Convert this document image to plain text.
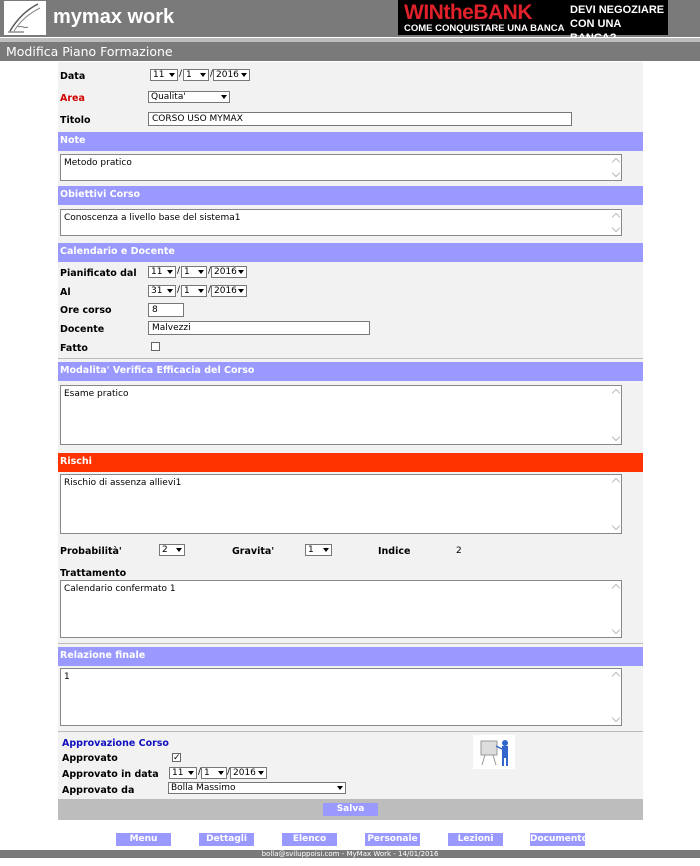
mymax work	WINtheBANK
COME CONQUISTARE UNA BANCA
DEVI NEGOZIARE
CON UNA
Modifica Piano Formazione
Data	11	/ 1	/ 2016
Area	Qualita'
Titolo	CORSO USO MYMAX
Note
Metodo pratico
Obiettivi Corso
Conoscenza a livello base del sistema1
Calendario e Docente
Pianificato dal	11	/ 1	/ 2016
Al	31	/ 1	/ 2016
Ore corso	8
Docente	Malvezzi
Fatto
Modalita' Verifica Efficacia del Corso
Esame pratico
Rischi
Rischio di assenza allievi1
Probabilità'	2	Gravita'	1	Indice	2
Trattamento
Calendario confermato 1
Relazione finale
1
Approvazione Corso
Approvato	✓
Approvato in data	11	/ 1	/ 2016
Approvato da	Bolla Massimo
Salva
Menu	Dettagli	Elenco	Personale	Lezioni	Documento
bolla@sviluppoisi.com - MyMax Work - 14/01/2016
